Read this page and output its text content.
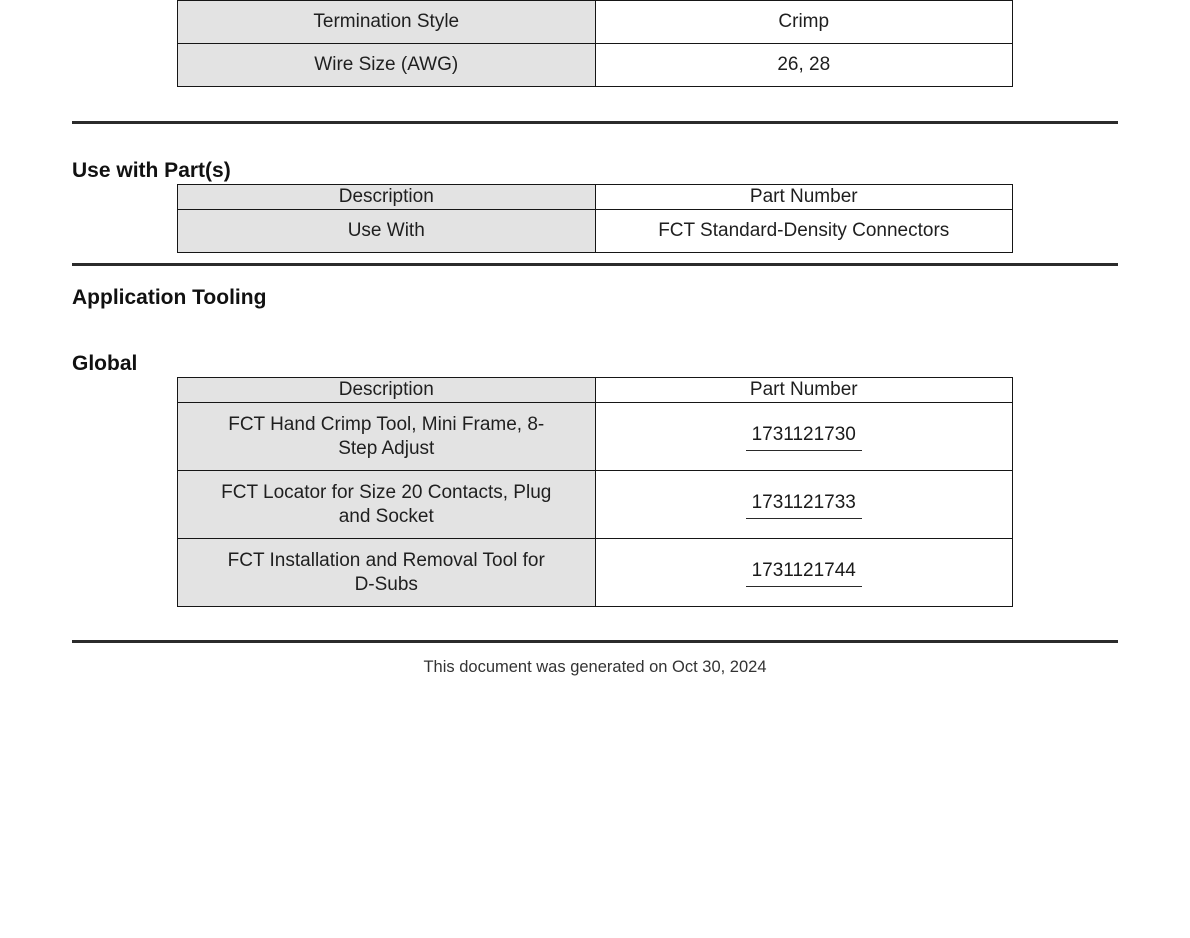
Termination Style	Crimp
Wire Size (AWG)	26, 28
Use with Part(s)
Description	Part Number
Use With	FCT Standard-Density Connectors
Application Tooling
Global
Description	Part Number
FCT Hand Crimp Tool, Mini Frame, 8-Step Adjust	1731121730
FCT Locator for Size 20 Contacts, Plug and Socket	1731121733
FCT Installation and Removal Tool for D-Subs	1731121744
This document was generated on Oct 30, 2024
